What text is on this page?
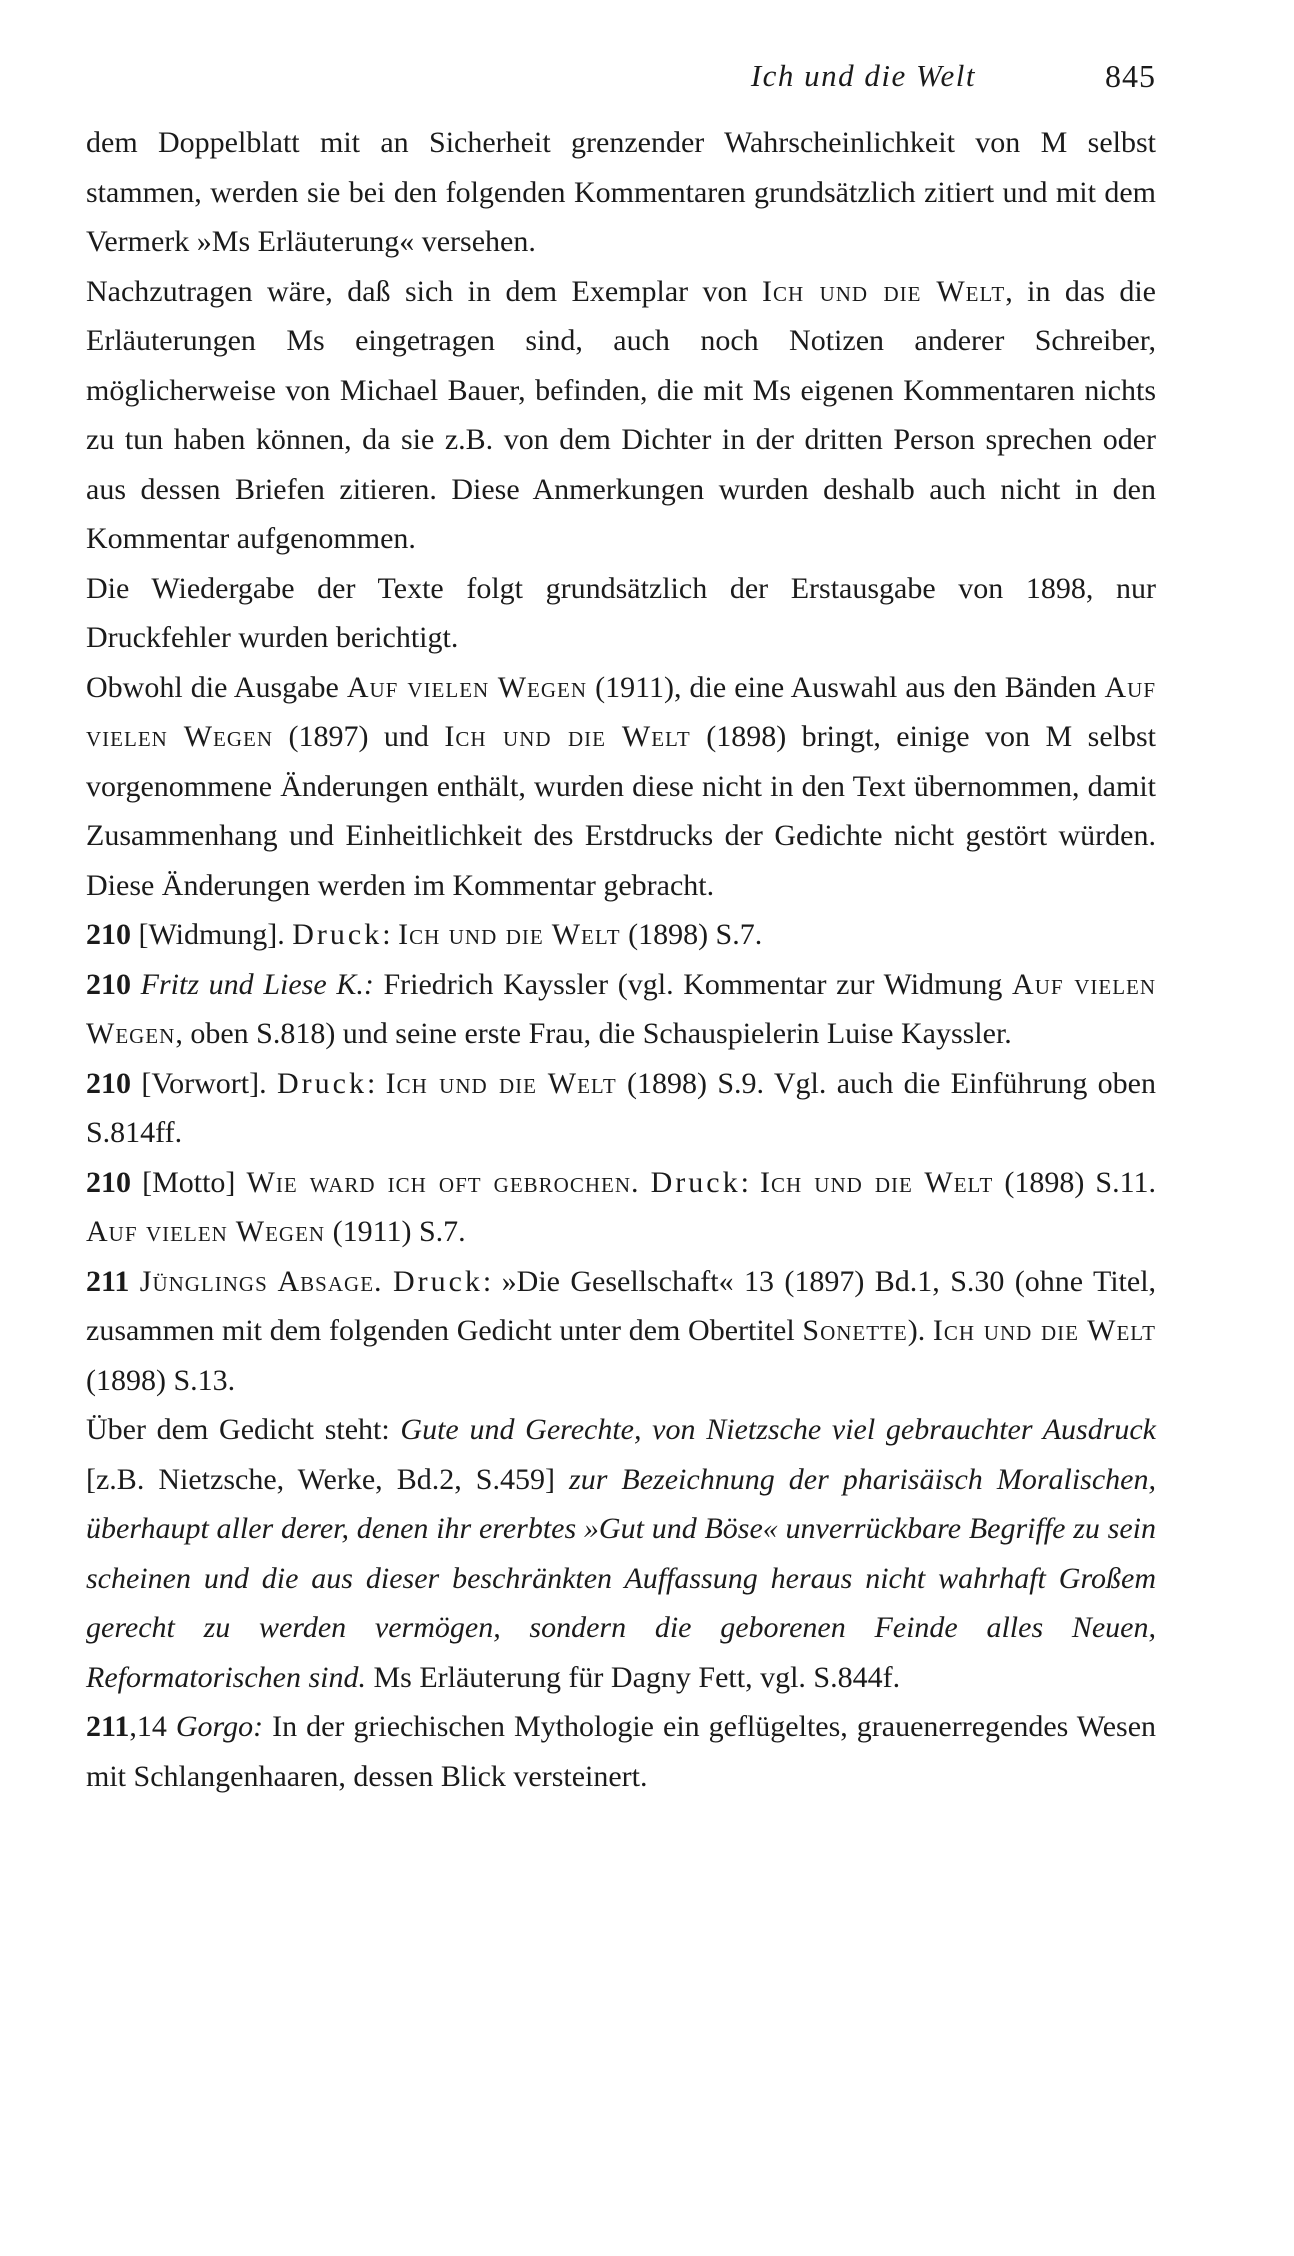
Ich und die Welt	845

dem Doppelblatt mit an Sicherheit grenzender Wahrscheinlichkeit von M selbst stammen, werden sie bei den folgenden Kommentaren grundsätzlich zitiert und mit dem Vermerk »Ms Erläuterung« versehen.

Nachzutragen wäre, daß sich in dem Exemplar von Ich und die Welt, in das die Erläuterungen Ms eingetragen sind, auch noch Notizen anderer Schreiber, möglicherweise von Michael Bauer, befinden, die mit Ms eigenen Kommentaren nichts zu tun haben können, da sie z.B. von dem Dichter in der dritten Person sprechen oder aus dessen Briefen zitieren. Diese Anmerkungen wurden deshalb auch nicht in den Kommentar aufgenommen.

Die Wiedergabe der Texte folgt grundsätzlich der Erstausgabe von 1898, nur Druckfehler wurden berichtigt.

Obwohl die Ausgabe Auf vielen Wegen (1911), die eine Auswahl aus den Bänden Auf vielen Wegen (1897) und Ich und die Welt (1898) bringt, einige von M selbst vorgenommene Änderungen enthält, wurden diese nicht in den Text übernommen, damit Zusammenhang und Einheitlichkeit des Erstdrucks der Gedichte nicht gestört würden. Diese Änderungen werden im Kommentar gebracht.

210 [Widmung]. Druck: Ich und die Welt (1898) S.7.

210 Fritz und Liese K.: Friedrich Kayssler (vgl. Kommentar zur Widmung Auf vielen Wegen, oben S.818) und seine erste Frau, die Schauspielerin Luise Kayssler.

210 [Vorwort]. Druck: Ich und die Welt (1898) S.9. Vgl. auch die Einführung oben S.814ff.

210 [Motto] Wie ward ich oft gebrochen. Druck: Ich und die Welt (1898) S.11. Auf vielen Wegen (1911) S.7.

211 Jünglings Absage. Druck: »Die Gesellschaft« 13 (1897) Bd.1, S.30 (ohne Titel, zusammen mit dem folgenden Gedicht unter dem Obertitel Sonette). Ich und die Welt (1898) S.13.

Über dem Gedicht steht: Gute und Gerechte, von Nietzsche viel gebrauchter Ausdruck [z.B. Nietzsche, Werke, Bd.2, S.459] zur Bezeichnung der pharisäisch Moralischen, überhaupt aller derer, denen ihr ererbtes »Gut und Böse« unverrückbare Begriffe zu sein scheinen und die aus dieser beschränkten Auffassung heraus nicht wahrhaft Großem gerecht zu werden vermögen, sondern die geborenen Feinde alles Neuen, Reformatorischen sind. Ms Erläuterung für Dagny Fett, vgl. S.844f.

211,14 Gorgo: In der griechischen Mythologie ein geflügeltes, grauenerregendes Wesen mit Schlangenhaaren, dessen Blick versteinert.
